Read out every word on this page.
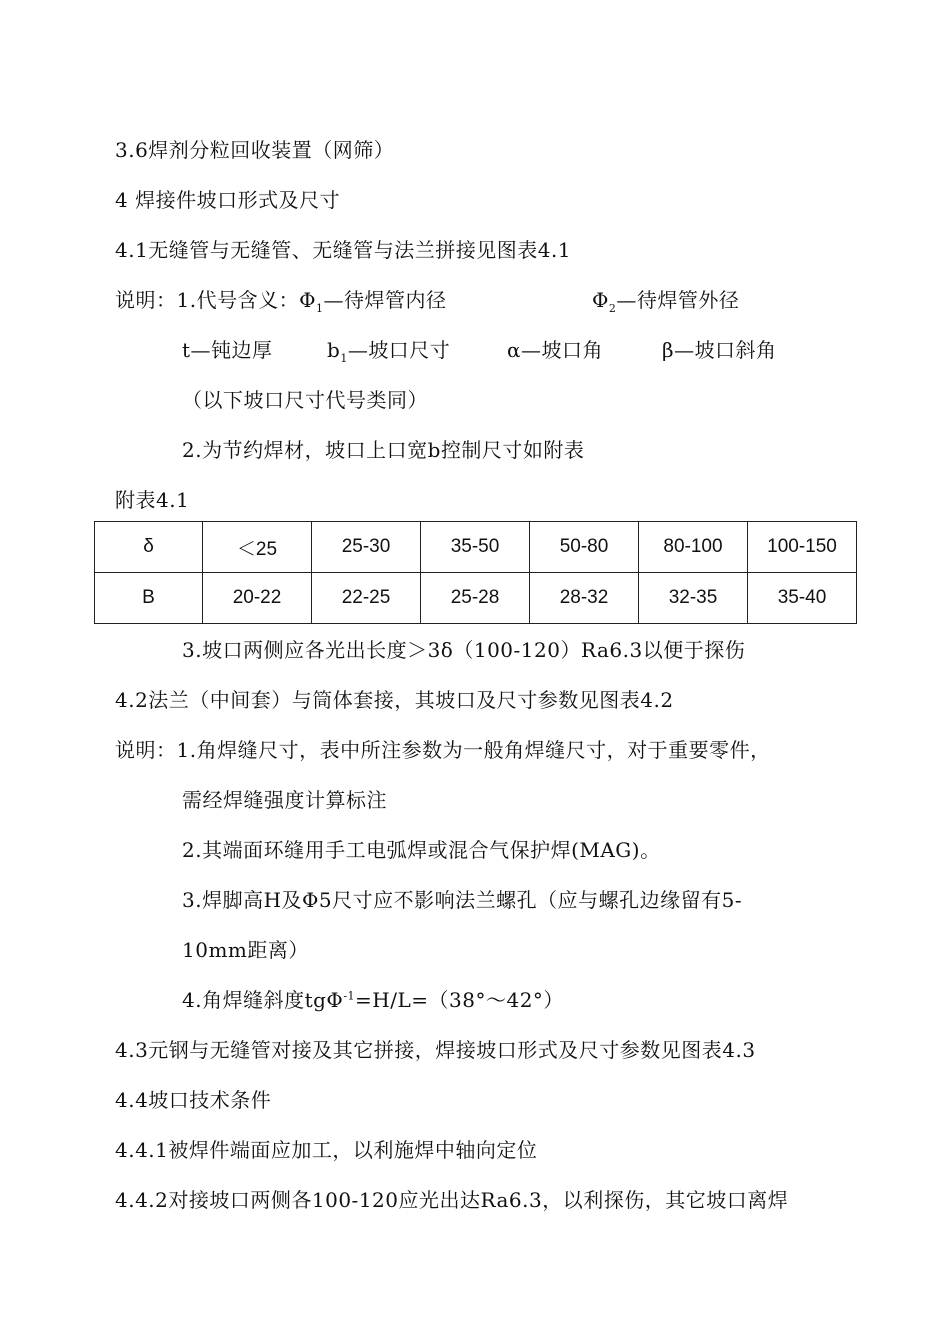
3.6焊剂分粒回收装置（网筛）
4 焊接件坡口形式及尺寸
4.1无缝管与无缝管、无缝管与法兰拼接见图表4.1
说明：1.代号含义：$\Phi_1—$待焊管内径	$\Phi_2—$待焊管外径
t—钝边厚	$b_1—$坡口尺寸	α—坡口角	β—坡口斜角
（以下坡口尺寸代号类同）
2.为节约焊材，坡口上口宽b控制尺寸如附表
附表4.1
δ	＜25	25-30	35-50	50-80	80-100	100-150
B	20-22	22-25	25-28	28-32	32-35	35-40
3.坡口两侧应各光出长度＞3δ（100-120）Ra6.3以便于探伤
4.2法兰（中间套）与筒体套接，其坡口及尺寸参数见图表4.2
说明：1.角焊缝尺寸，表中所注参数为一般角焊缝尺寸，对于重要零件，
需经焊缝强度计算标注
2.其端面环缝用手工电弧焊或混合气保护焊(MAG)。
3.焊脚高H及Φ5尺寸应不影响法兰螺孔（应与螺孔边缘留有5-
10mm距离）
4.角焊缝斜度tgΦ$^{-1}$=H/L=（38°～42°）
4.3元钢与无缝管对接及其它拼接，焊接坡口形式及尺寸参数见图表4.3
4.4坡口技术条件
4.4.1被焊件端面应加工，以利施焊中轴向定位
4.4.2对接坡口两侧各100-120应光出达Ra6.3，以利探伤，其它坡口离焊
